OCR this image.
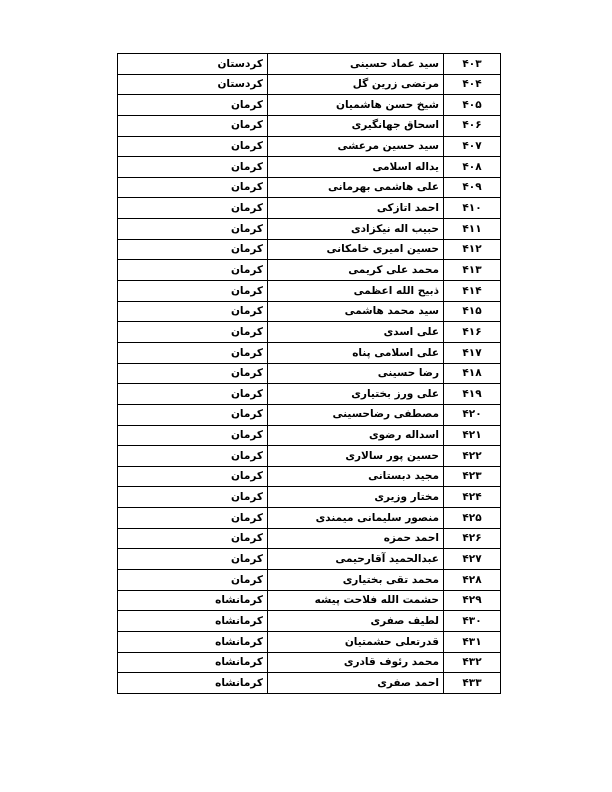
۴۰۳	سید عماد حسینی	کردستان
۴۰۴	مرتضی زرین گل	کردستان
۴۰۵	شیخ حسن هاشمیان	کرمان
۴۰۶	اسحاق جهانگیری	کرمان
۴۰۷	سید حسین مرعشی	کرمان
۴۰۸	یداله اسلامی	کرمان
۴۰۹	علی هاشمی بهرمانی	کرمان
۴۱۰	احمد اتازکی	کرمان
۴۱۱	حبیب اله نیکزادی	کرمان
۴۱۲	حسین امیری خامکانی	کرمان
۴۱۳	محمد علی کریمی	کرمان
۴۱۴	ذبیح الله اعظمی	کرمان
۴۱۵	سید محمد هاشمی	کرمان
۴۱۶	علی اسدی	کرمان
۴۱۷	علی اسلامی پناه	کرمان
۴۱۸	رضا حسینی	کرمان
۴۱۹	علی ورز بختیاری	کرمان
۴۲۰	مصطفی رضاحسینی	کرمان
۴۲۱	اسداله رضوی	کرمان
۴۲۲	حسین پور سالاری	کرمان
۴۲۳	مجید دبستانی	کرمان
۴۲۴	مختار وزیری	کرمان
۴۲۵	منصور سلیمانی میمندی	کرمان
۴۲۶	احمد حمزه	کرمان
۴۲۷	عبدالحمید آقارحیمی	کرمان
۴۲۸	محمد تقی بختیاری	کرمان
۴۲۹	حشمت الله فلاحت پیشه	کرمانشاه
۴۳۰	لطیف صفری	کرمانشاه
۴۳۱	قدرتعلی حشمتیان	کرمانشاه
۴۳۲	محمد رئوف قادری	کرمانشاه
۴۳۳	احمد صفری	کرمانشاه
